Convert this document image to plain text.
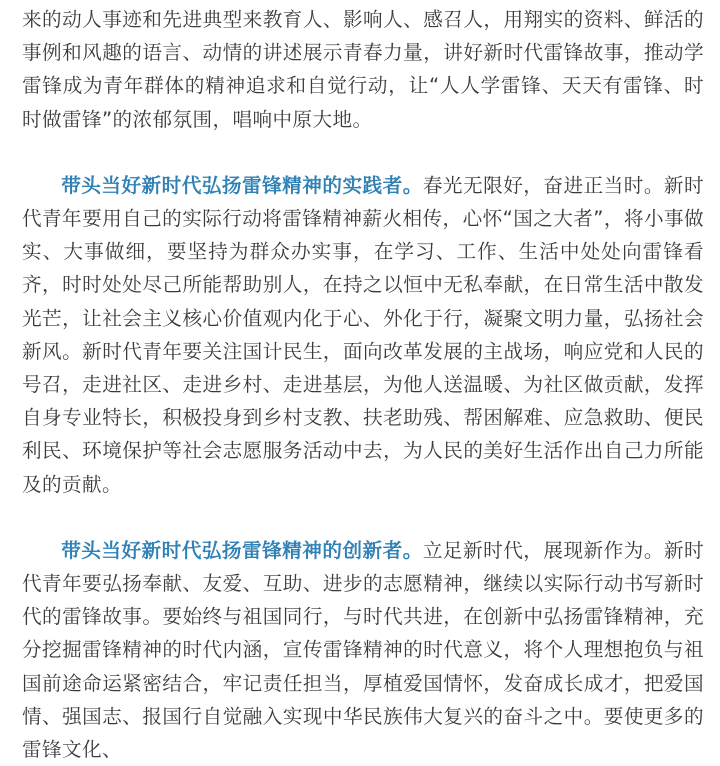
来的动人事迹和先进典型来教育人、影响人、感召人，用翔实的资料、鲜活的事例和风趣的语言、动情的讲述展示青春力量，讲好新时代雷锋故事，推动学雷锋成为青年群体的精神追求和自觉行动，让“人人学雷锋、天天有雷锋、时时做雷锋”的浓郁氛围，唱响中原大地。

带头当好新时代弘扬雷锋精神的实践者。春光无限好，奋进正当时。新时代青年要用自己的实际行动将雷锋精神薪火相传，心怀“国之大者”，将小事做实、大事做细，要坚持为群众办实事，在学习、工作、生活中处处向雷锋看齐，时时处处尽己所能帮助别人，在持之以恒中无私奉献，在日常生活中散发光芒，让社会主义核心价值观内化于心、外化于行，凝聚文明力量，弘扬社会新风。新时代青年要关注国计民生，面向改革发展的主战场，响应党和人民的号召，走进社区、走进乡村、走进基层，为他人送温暖、为社区做贡献，发挥自身专业特长，积极投身到乡村支教、扶老助残、帮困解难、应急救助、便民利民、环境保护等社会志愿服务活动中去，为人民的美好生活作出自己力所能及的贡献。

带头当好新时代弘扬雷锋精神的创新者。立足新时代，展现新作为。新时代青年要弘扬奉献、友爱、互助、进步的志愿精神，继续以实际行动书写新时代的雷锋故事。要始终与祖国同行，与时代共进，在创新中弘扬雷锋精神，充分挖掘雷锋精神的时代内涵，宣传雷锋精神的时代意义，将个人理想抱负与祖国前途命运紧密结合，牢记责任担当，厚植爱国情怀，发奋成长成才，把爱国情、强国志、报国行自觉融入实现中华民族伟大复兴的奋斗之中。要使更多的雷锋文化、
